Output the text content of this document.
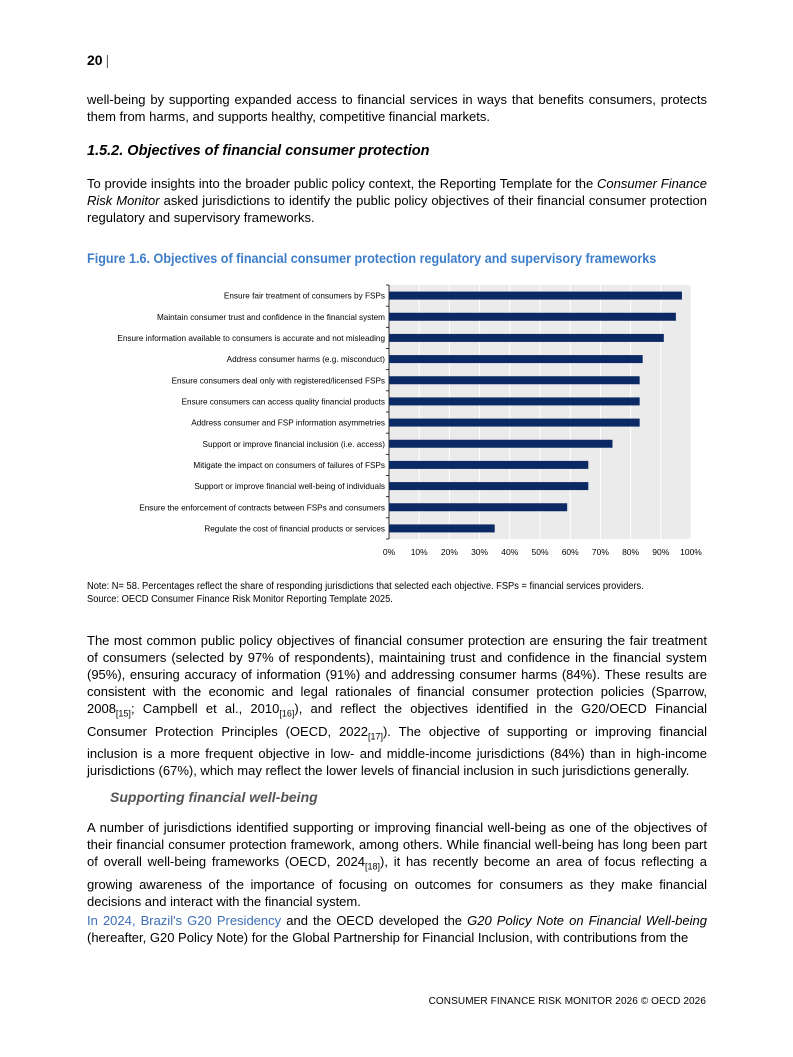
20 |

well-being by supporting expanded access to financial services in ways that benefits consumers, protects them from harms, and supports healthy, competitive financial markets.

1.5.2. Objectives of financial consumer protection

To provide insights into the broader public policy context, the Reporting Template for the Consumer Finance Risk Monitor asked jurisdictions to identify the public policy objectives of their financial consumer protection regulatory and supervisory frameworks.

Figure 1.6. Objectives of financial consumer protection regulatory and supervisory frameworks
0% 10% 20% 30% 40% 50% 60% 70% 80% 90% 100%
Ensure fair treatment of consumers by FSPs
Maintain consumer trust and confidence in the financial system
Ensure information available to consumers is accurate and not misleading
Address consumer harms (e.g. misconduct)
Ensure consumers deal only with registered/licensed FSPs
Ensure consumers can access quality financial products
Address consumer and FSP information asymmetries
Support or improve financial inclusion (i.e. access)
Mitigate the impact on consumers of failures of FSPs
Support or improve financial well-being of individuals
Ensure the enforcement of contracts between FSPs and consumers
Regulate the cost of financial products or services
Note: N= 58. Percentages reflect the share of responding jurisdictions that selected each objective. FSPs = financial services providers.
Source: OECD Consumer Finance Risk Monitor Reporting Template 2025.

The most common public policy objectives of financial consumer protection are ensuring the fair treatment of consumers (selected by 97% of respondents), maintaining trust and confidence in the financial system (95%), ensuring accuracy of information (91%) and addressing consumer harms (84%). These results are consistent with the economic and legal rationales of financial consumer protection policies (Sparrow, $2008_{[15]}$; Campbell et al., $2010_{[16]}$), and reflect the objectives identified in the G20/OECD Financial Consumer Protection Principles (OECD, $2022_{[17]}$). The objective of supporting or improving financial inclusion is a more frequent objective in low- and middle-income jurisdictions (84%) than in high-income jurisdictions (67%), which may reflect the lower levels of financial inclusion in such jurisdictions generally.

Supporting financial well-being

A number of jurisdictions identified supporting or improving financial well-being as one of the objectives of their financial consumer protection framework, among others. While financial well-being has long been part of overall well-being frameworks (OECD, $2024_{[18]}$), it has recently become an area of focus reflecting a growing awareness of the importance of focusing on outcomes for consumers as they make financial decisions and interact with the financial system.

In 2024, Brazil's G20 Presidency and the OECD developed the G20 Policy Note on Financial Well-being (hereafter, G20 Policy Note) for the Global Partnership for Financial Inclusion, with contributions from the

CONSUMER FINANCE RISK MONITOR 2026 © OECD 2026
